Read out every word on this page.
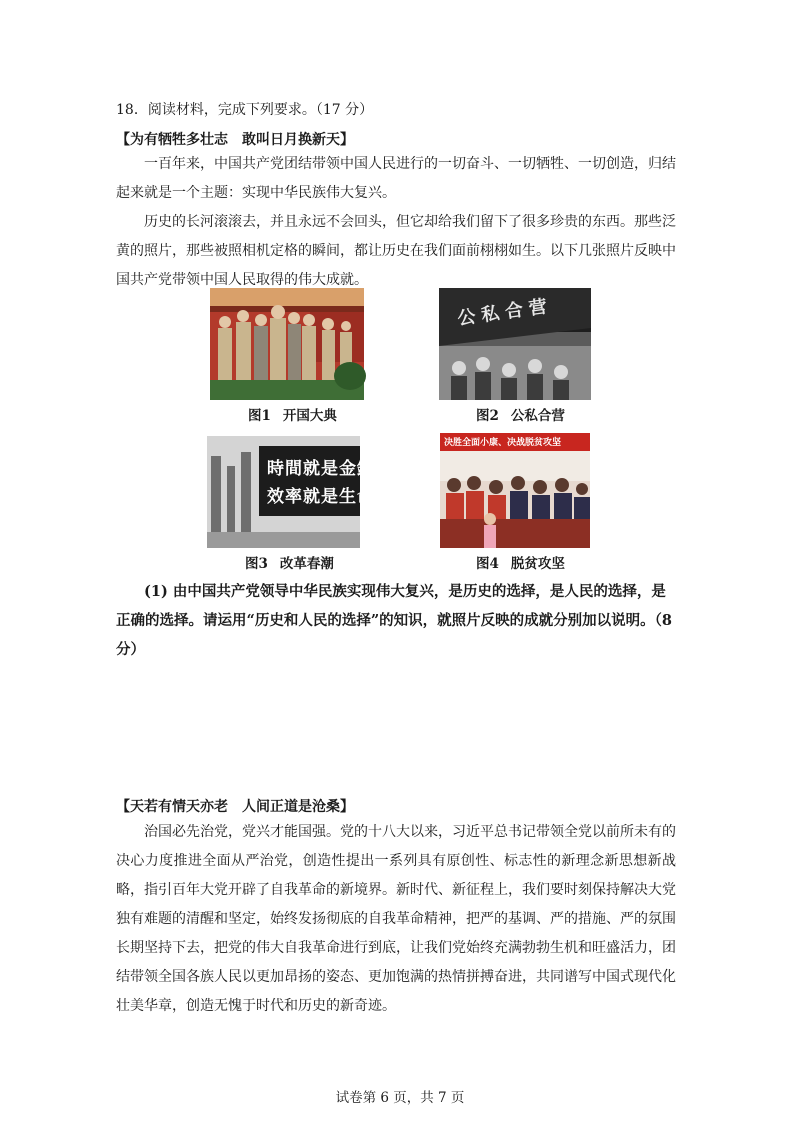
18．阅读材料，完成下列要求。（17 分）
【为有牺牲多壮志　敢叫日月换新天】
一百年来，中国共产党团结带领中国人民进行的一切奋斗、一切牺牲、一切创造，归结起来就是一个主题：实现中华民族伟大复兴。
历史的长河滚滚去，并且永远不会回头，但它却给我们留下了很多珍贵的东西。那些泛黄的照片，那些被照相机定格的瞬间，都让历史在我们面前栩栩如生。以下几张照片反映中国共产党带领中国人民取得的伟大成就。
图1 开国大典
公私合营
图2 公私合营
時間就是金錢
效率就是生命
图3 改革春潮
决胜全面小康、决战脱贫攻坚
图4 脱贫攻坚
(1) 由中国共产党领导中华民族实现伟大复兴，是历史的选择，是人民的选择，是正确的选择。请运用“历史和人民的选择”的知识，就照片反映的成就分别加以说明。（8 分）
【天若有情天亦老　人间正道是沧桑】
治国必先治党，党兴才能国强。党的十八大以来，习近平总书记带领全党以前所未有的决心力度推进全面从严治党，创造性提出一系列具有原创性、标志性的新理念新思想新战略，指引百年大党开辟了自我革命的新境界。新时代、新征程上，我们要时刻保持解决大党独有难题的清醒和坚定，始终发扬彻底的自我革命精神，把严的基调、严的措施、严的氛围长期坚持下去，把党的伟大自我革命进行到底，让我们党始终充满勃勃生机和旺盛活力，团结带领全国各族人民以更加昂扬的姿态、更加饱满的热情拼搏奋进，共同谱写中国式现代化壮美华章，创造无愧于时代和历史的新奇迹。
试卷第 6 页，共 7 页
